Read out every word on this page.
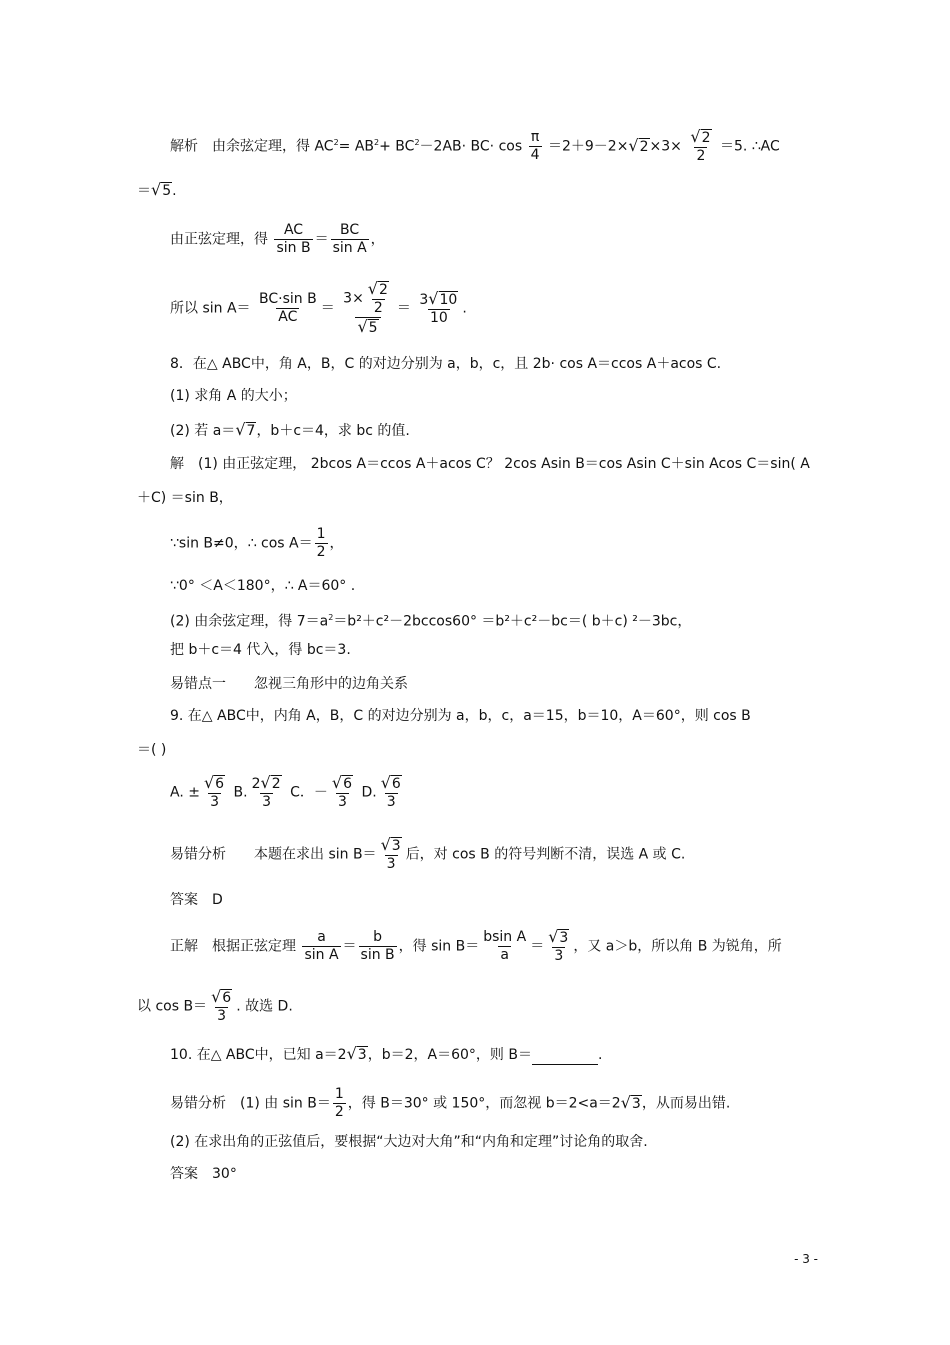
解析　由余弦定理，得 $AC^2= AB^2+ BC^2-2AB\cdot BC\cdot \cos \frac{\pi}{4} =2+9-2\times√2\times 3\times \frac{√2}{2} =5$. ∴AC
＝√5.
由正弦定理，得 $\frac{AC}{\text{sin B}} = \frac{BC}{\text{sin A}}$ ，
所以 $\sin A= \frac{\text{BC·sin B}}{AC} = \frac{3\times \frac{√2}{2}}{√5} = \frac{3√10}{10}$ .
8．在△ ABC中，角 A，B，C 的对边分别为 a，b，c，且 2b· cos A＝ccos A＋acos C.
(1) 求角 A 的大小；
(2) 若 a＝√7，b＋c＝4，求 bc 的值.
解　(1) 由正弦定理， 2bcos A＝ccos A＋acos C？ 2cos Asin B＝cos Asin C＋sin Acos C＝sin( A
＋C) ＝sin B，
∵sin B≠0，∴ $\cos A= \frac{1}{2}$ ，
∵0° ＜A＜180°，∴ A＝60° .
(2) 由余弦定理，得 $7=a^2=b^2+c^2-2bccos60^\circ =b^2+c^2-bc=$( b＋c) ²－3bc，
把 b＋c＝4 代入，得 bc＝3.
易错点一　　忽视三角形中的边角关系
9. 在△ ABC中，内角 A，B，C 的对边分别为 a，b，c，a＝15，b＝10，A＝60°，则 cos B
＝( )
A. ± $\frac{√6}{3} B$. $\frac{2√2}{3}$ C．－ $\frac{√6}{3} D$. $\frac{√6}{3}$
易错分析　　本题在求出 $\sin B= \frac{√3}{3}$ 后，对 cos B 的符号判断不清，误选 A 或 C.
答案　D
正解　根据正弦定理 $\frac{a}{\text{sin A}} = \frac{b}{\text{sin B}}$ ，得 $\sin B= \frac{\text{bsin A}}{a} = \frac{√3}{3}$ ，又 a＞b，所以角 B 为锐角，所
以 $\cos B= \frac{√6}{3}$ . 故选 D.
10. 在△ ABC中，已知 a＝2√3，b＝2，A＝60°，则 B＝	.
易错分析　(1) 由 $\sin B= \frac{1}{2}$ ，得 B＝30° 或 150°，而忽视 b＝2<a＝2√3，从而易出错.
(2) 在求出角的正弦值后，要根据“大边对大角”和“内角和定理”讨论角的取舍.
答案　30°
- 3 -
